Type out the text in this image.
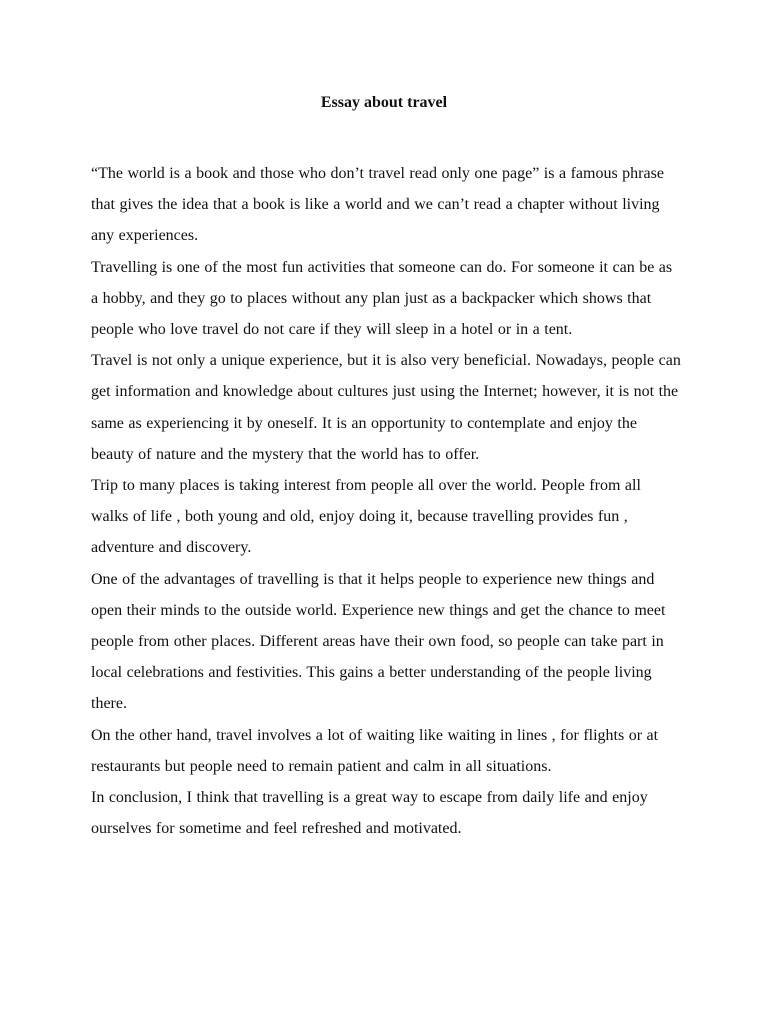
Essay about travel

“The world is a book and those who don’t travel read only one page” is a famous phrase that gives the idea that a book is like a world and we can’t read a chapter without living any experiences.

Travelling is one of the most fun activities that someone can do. For someone it can be as a hobby, and they go to places without any plan just as a backpacker which shows that people who love travel do not care if they will sleep in a hotel or in a tent.

Travel is not only a unique experience, but it is also very beneficial. Nowadays, people can get information and knowledge about cultures just using the Internet; however, it is not the same as experiencing it by oneself. It is an opportunity to contemplate and enjoy the beauty of nature and the mystery that the world has to offer.

Trip to many places is taking interest from people all over the world. People from all walks of life , both young and old, enjoy doing it, because travelling provides fun , adventure and discovery.

One of the advantages of travelling is that it helps people to experience new things and open their minds to the outside world. Experience new things and get the chance to meet people from other places. Different areas have their own food, so people can take part in local celebrations and festivities. This gains a better understanding of the people living there.

On the other hand, travel involves a lot of waiting like waiting in lines , for flights or at restaurants but people need to remain patient and calm in all situations.

In conclusion, I think that travelling is a great way to escape from daily life and enjoy ourselves for sometime and feel refreshed and motivated.
